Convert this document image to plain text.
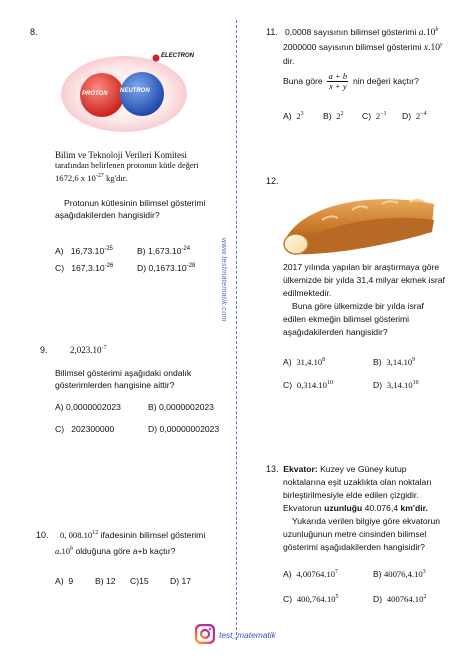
www.testmatematik.com
8.
ELECTRON
PROTON NEUTRON
Bilim ve Teknoloji Verileri Komitesi
tarafından belirlenen protonun kütle değeri
1672,6 x $10^{-27}$ kg'dır.
Protonun kütlesinin bilimsel gösterimi
aşağıdakilerden hangisidir?
A) $16,73.10^{-25}$	B) $1,673.10^{-24}$
C) $167,3.10^{-26}$	D) $0,1673.10^{-28}$
9. $2,023.10^{-7}$
Bilimsel gösterimi aşağıdaki ondalık
gösterimlerden hangisine aittir?
A) 0,0000002023	B) 0,0000002023
C) 202300000	D) 0,00000002023
10. 0, 008.10$^{12}$ ifadesinin bilimsel gösterimi
a.10$^b$ olduğuna göre a+b kaçtır?
A) 9	B) 12 C)15 D) 17
11. 0,0008 sayısının bilimsel gösterimi a.10$^b$
2000000 sayısının bilimsel gösterimi x.10$^y$
dir.
Buna göre $\frac{a + b}{x + y}$ nin değeri kaçtır?
A) $2^3$ B) $2^2$ C) $2^{-1}$ D) $2^{-4}$
12.
2017 yılında yapılan bir araştırmaya göre
ülkemizde bir yılda 31,4 milyar ekmek israf
edilmektedir.
Buna göre ülkemizde bir yılda israf
edilen ekmeğin bilimsel gösterimi
aşağıdakilerden hangisidir?
A) 31,4.10$^8$	B) 3,14.10$^9$
C) 0,314.10$^{10}$	D) 3,14.10$^{10}$
13. Ekvator: Kuzey ve Güney kutup
noktalarına eşit uzaklıkta olan noktaları
birleştirilmesiyle elde edilen çizgidir.
Ekvatorun uzunluğu 40.076,4 km'dir.
Yukarıda verilen bilgiye göre ekvatorun
uzunluğunun metre cinsinden bilimsel
gösterimi aşağıdakilerden hangisidir?
A) 4,00764.10$^7$	B) 40076,4.10$^3$
C) 400,764.10$^5$	D) 400764.10$^2$
test_matematik
